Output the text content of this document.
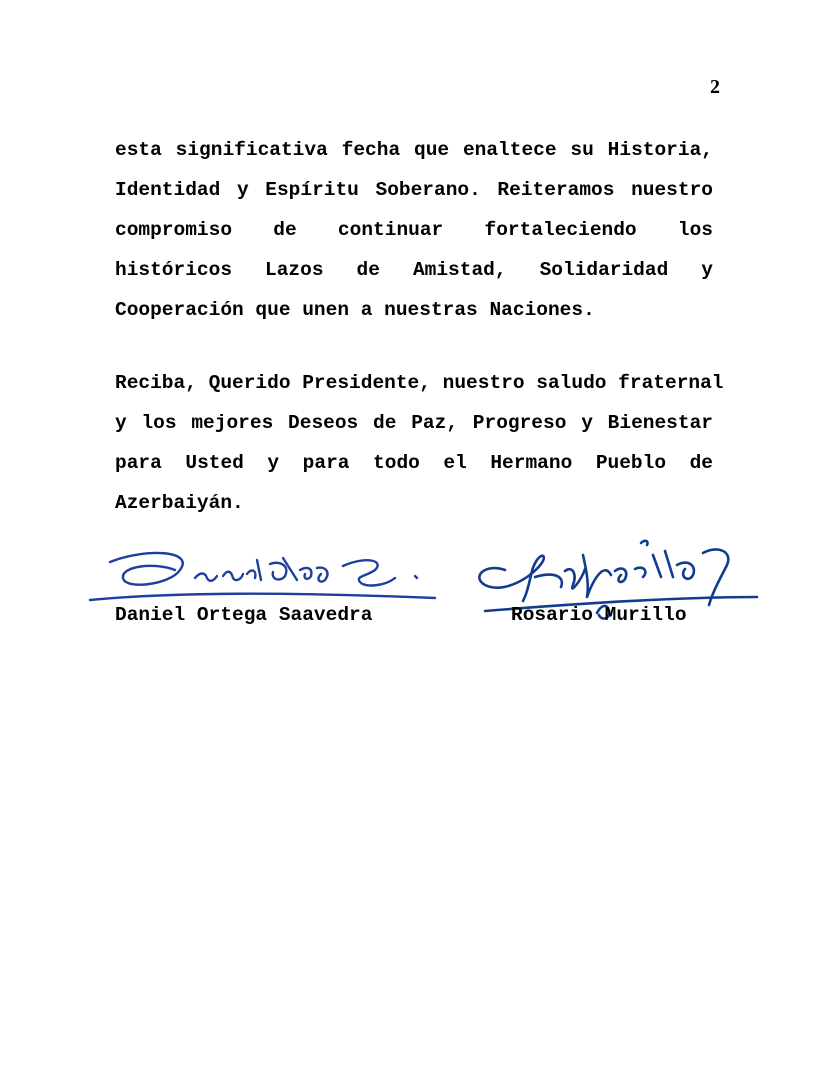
2
esta significativa fecha que enaltece su Historia,
Identidad y Espíritu Soberano. Reiteramos nuestro
compromiso de continuar fortaleciendo los
históricos Lazos de Amistad, Solidaridad y
Cooperación que unen a nuestras Naciones.
Reciba, Querido Presidente, nuestro saludo fraternal
y los mejores Deseos de Paz, Progreso y Bienestar
para Usted y para todo el Hermano Pueblo de
Azerbaiyán.
Daniel Ortega Saavedra	Rosario Murillo
